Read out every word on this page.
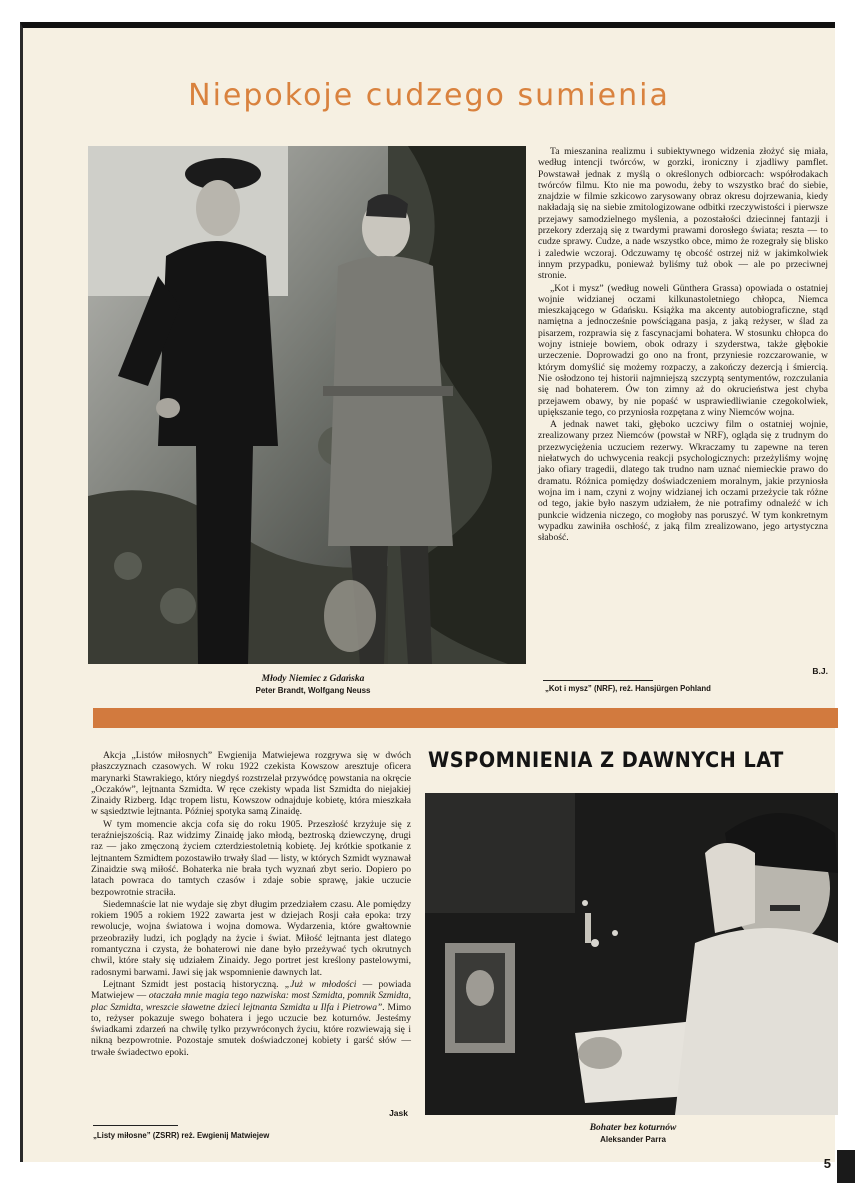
Niepokoje cudzego sumienia
Młody Niemiec z Gdańska
Peter Brandt, Wolfgang Neuss

Ta mieszanina realizmu i subiektywnego widzenia złożyć się miała, według intencji twórców, w gorzki, ironiczny i zjadliwy pamflet. Powstawał jednak z myślą o określonych odbiorcach: współrodakach twórców filmu. Kto nie ma powodu, żeby to wszystko brać do siebie, znajdzie w filmie szkicowo zarysowany obraz okresu dojrzewania, kiedy nakładają się na siebie zmitologizowane odbitki rzeczywistości i pierwsze przejawy samodzielnego myślenia, a pozostałości dziecinnej fantazji i przekory zderzają się z twardymi prawami dorosłego świata; reszta — to cudze sprawy. Cudze, a nade wszystko obce, mimo że rozegrały się blisko i zaledwie wczoraj. Odczuwamy tę obcość ostrzej niż w jakimkolwiek innym przypadku, ponieważ byliśmy tuż obok — ale po przeciwnej stronie.

„Kot i mysz” (według noweli Günthera Grassa) opowiada o ostatniej wojnie widzianej oczami kilkunastoletniego chłopca, Niemca mieszkającego w Gdańsku. Książka ma akcenty autobiograficzne, stąd namiętna a jednocześnie powściągana pasja, z jaką reżyser, w ślad za pisarzem, rozprawia się z fascynacjami bohatera. W stosunku chłopca do wojny istnieje bowiem, obok odrazy i szyderstwa, także głębokie urzeczenie. Doprowadzi go ono na front, przyniesie rozczarowanie, w którym domyślić się możemy rozpaczy, a zakończy dezercją i śmiercią. Nie osłodzono tej historii najmniejszą szczyptą sentymentów, rozczulania się nad bohaterem. Ów ton zimny aż do okrucieństwa jest chyba przejawem obawy, by nie popaść w usprawiedliwianie czegokolwiek, upiększanie tego, co przyniosła rozpętana z winy Niemców wojna.

A jednak nawet taki, głęboko uczciwy film o ostatniej wojnie, zrealizowany przez Niemców (powstał w NRF), ogląda się z trudnym do przezwyciężenia uczuciem rezerwy. Wkraczamy tu zapewne na teren niełatwych do uchwycenia reakcji psychologicznych: przeżyliśmy wojnę jako ofiary tragedii, dlatego tak trudno nam uznać niemieckie prawo do dramatu. Różnica pomiędzy doświadczeniem moralnym, jakie przyniosła wojna im i nam, czyni z wojny widzianej ich oczami przeżycie tak różne od tego, jakie było naszym udziałem, że nie potrafimy odnaleźć w ich punkcie widzenia niczego, co mogłoby nas poruszyć. W tym konkretnym wypadku zawiniła oschłość, z jaką film zrealizowano, jego artystyczna słabość.

B.J.
„Kot i mysz” (NRF), reż. Hansjürgen Pohland

Akcja „Listów miłosnych” Ewgienija Matwiejewa rozgrywa się w dwóch płaszczyznach czasowych. W roku 1922 czekista Kowszow aresztuje oficera marynarki Stawrakiego, który niegdyś rozstrzelał przywódcę powstania na okręcie „Oczaków”, lejtnanta Szmidta. W ręce czekisty wpada list Szmidta do niejakiej Zinaidy Rizberg. Idąc tropem listu, Kowszow odnajduje kobietę, która mieszkała w sąsiedztwie lejtnanta. Później spotyka samą Zinaidę.

W tym momencie akcja cofa się do roku 1905. Przeszłość krzyżuje się z teraźniejszością. Raz widzimy Zinaidę jako młodą, beztroską dziewczynę, drugi raz — jako zmęczoną życiem czterdziestoletnią kobietę. Jej krótkie spotkanie z lejtnantem Szmidtem pozostawiło trwały ślad — listy, w których Szmidt wyznawał Zinaidzie swą miłość. Bohaterka nie brała tych wyznań zbyt serio. Dopiero po latach powraca do tamtych czasów i zdaje sobie sprawę, jakie uczucie bezpowrotnie straciła.

Siedemnaście lat nie wydaje się zbyt długim przedziałem czasu. Ale pomiędzy rokiem 1905 a rokiem 1922 zawarta jest w dziejach Rosji cała epoka: trzy rewolucje, wojna światowa i wojna domowa. Wydarzenia, które gwałtownie przeobraziły ludzi, ich poglądy na życie i świat. Miłość lejtnanta jest dlatego romantyczna i czysta, że bohaterowi nie dane było przeżywać tych okrutnych chwil, które stały się udziałem Zinaidy. Jego portret jest kreślony pastelowymi, radosnymi barwami. Jawi się jak wspomnienie dawnych lat.

Lejtnant Szmidt jest postacią historyczną. „Już w młodości — powiada Matwiejew — otaczała mnie magia tego nazwiska: most Szmidta, pomnik Szmidta, plac Szmidta, wreszcie sławetne dzieci lejtnanta Szmidta u Ilfa i Pietrowa”. Mimo to, reżyser pokazuje swego bohatera i jego uczucie bez koturnów. Jesteśmy świadkami zdarzeń na chwilę tylko przywróconych życiu, które rozwiewają się i nikną bezpowrotnie. Pozostaje smutek doświadczonej kobiety i garść słów — trwałe świadectwo epoki.

Jask
„Listy miłosne” (ZSRR) reż. Ewgienij Matwiejew
WSPOMNIENIA Z DAWNYCH LAT
Bohater bez koturnów
Aleksander Parra
5
